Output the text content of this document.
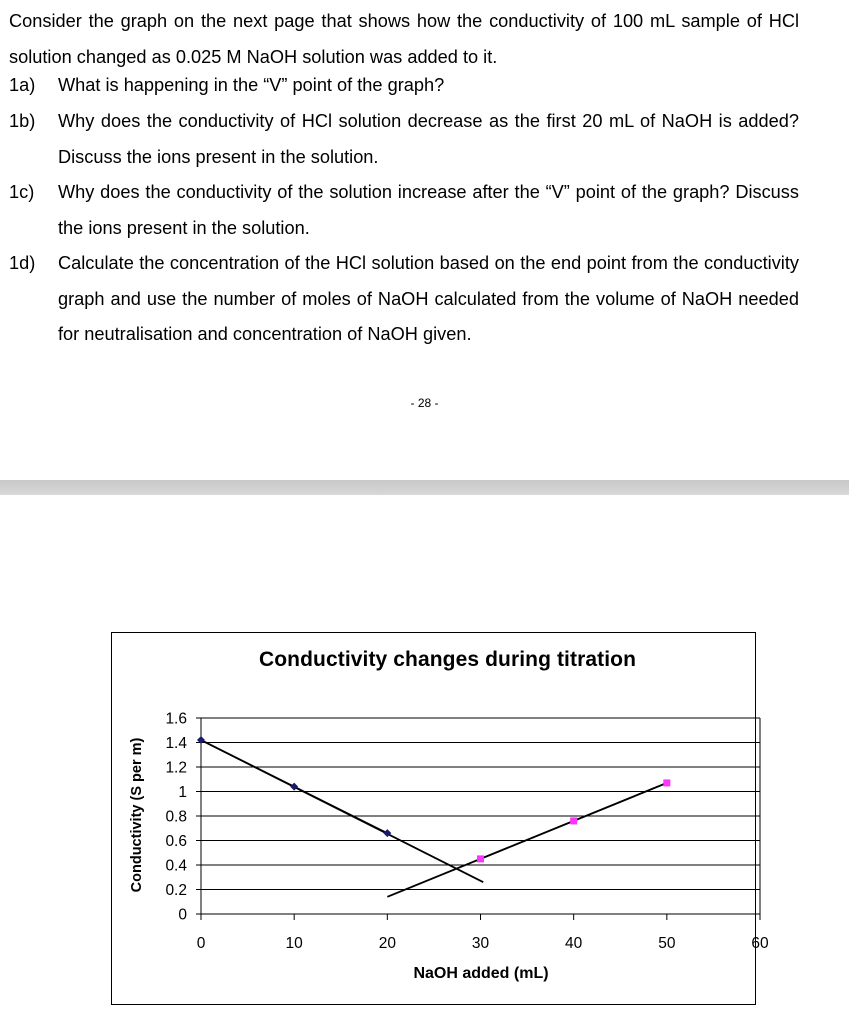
Consider the graph on the next page that shows how the conductivity of 100 mL sample of HCl solution changed as 0.025 M NaOH solution was added to it.
1a) What is happening in the “V” point of the graph?
1b) Why does the conductivity of HCl solution decrease as the first 20 mL of NaOH is added? Discuss the ions present in the solution.
1c) Why does the conductivity of the solution increase after the “V” point of the graph? Discuss the ions present in the solution.
1d) Calculate the concentration of the HCl solution based on the end point from the conductivity graph and use the number of moles of NaOH calculated from the volume of NaOH needed for neutralisation and concentration of NaOH given.
- 28 -
Conductivity changes during titration
Conductivity (S per m)
NaOH added (mL)
0
0.2
0.4
0.6
0.8
1
1.2
1.4
1.6
0	10	20	30	40	50	60
